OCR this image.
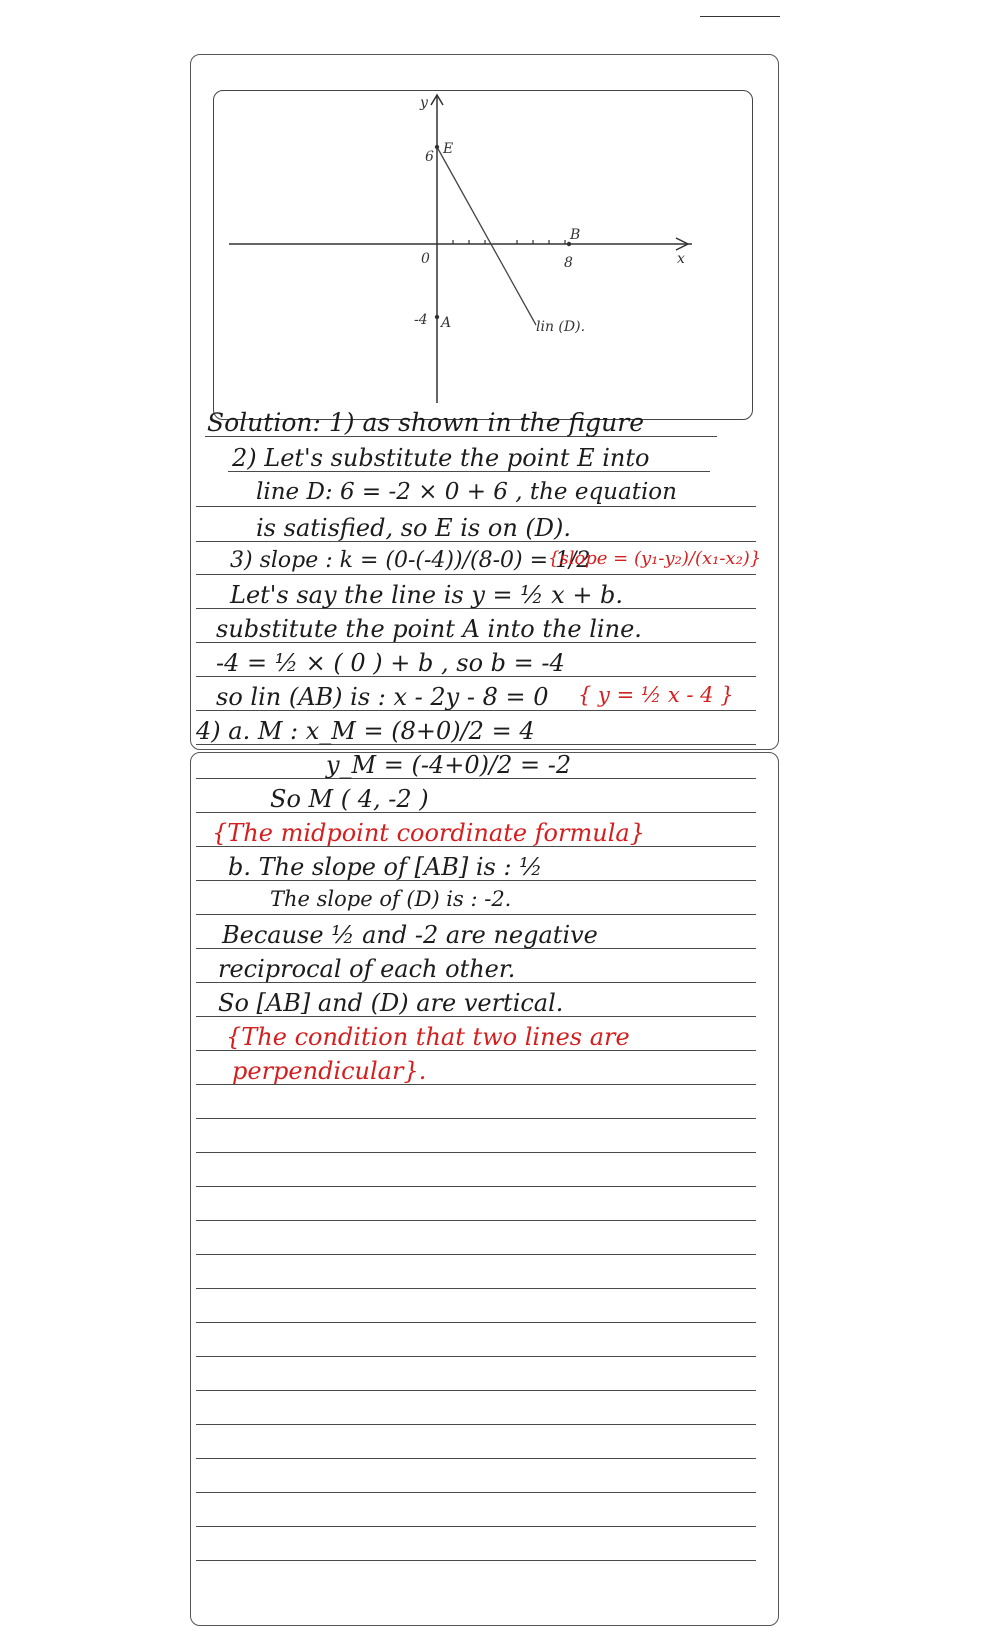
y
x
0
6 E
B
8
-4 A	lin (D).
Solution: 1) as shown in the figure
2) Let's substitute the point E into
line D: 6 = -2 × 0 + 6 , the equation
is satisfied, so E is on (D).
3) slope : k = (0-(-4))/(8-0) = 1/2
{slope = (y₁-y₂)/(x₁-x₂)}
Let's say the line is y = ½ x + b.
substitute the point A into the line.
-4 = ½ × ( 0 ) + b , so b = -4
so lin (AB) is : x - 2y - 8 = 0 { y = ½ x - 4 }
4) a. M : x_M = (8+0)/2 = 4
y_M = (-4+0)/2 = -2
So M ( 4, -2 )
{The midpoint coordinate formula}
b. The slope of [AB] is : ½
The slope of (D) is : -2.
Because ½ and -2 are negative
reciprocal of each other.
So [AB] and (D) are vertical.
{The condition that two lines are
perpendicular}.
